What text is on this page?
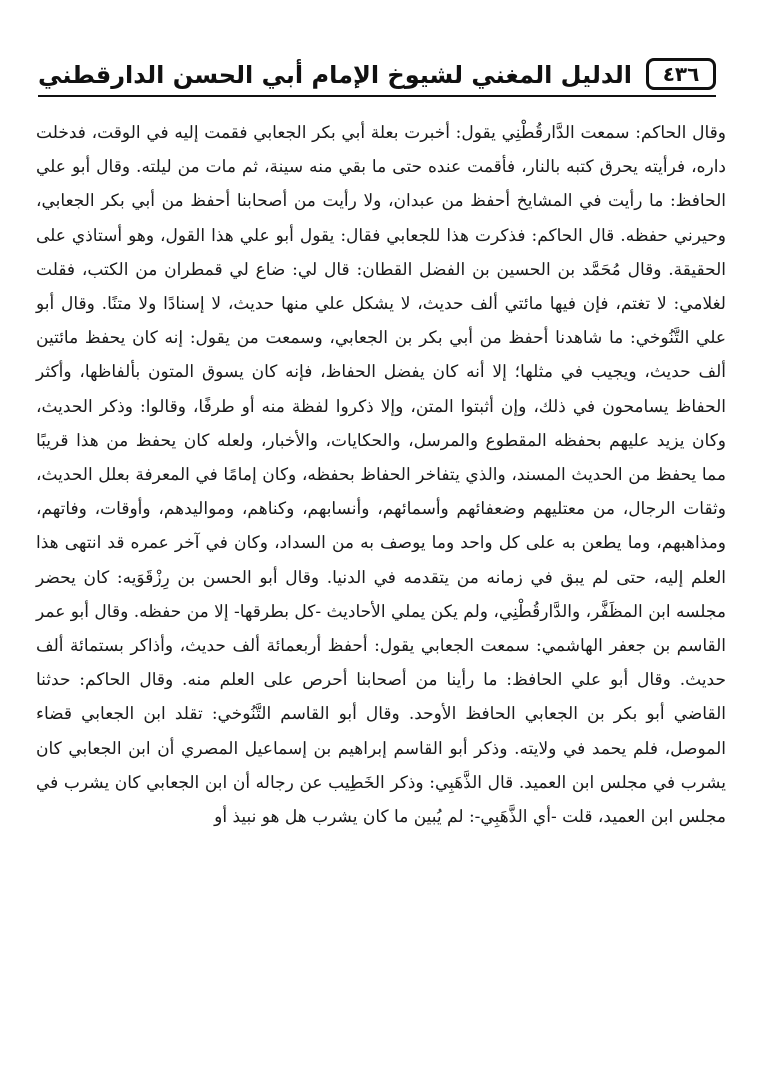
٤٣٦
الدليل المغني لشيوخ الإمام أبي الحسن الدارقطني

وقال الحاكم: سمعت الدَّارقُطْنِي يقول: أخبرت بعلة أبي بكر الجعابي فقمت إليه في الوقت، فدخلت داره، فرأيته يحرق كتبه بالنار، فأقمت عنده حتى ما بقي منه سينة، ثم مات من ليلته. وقال أبو علي الحافظ: ما رأيت في المشايخ أحفظ من عبدان، ولا رأيت من أصحابنا أحفظ من أبي بكر الجعابي، وحيرني حفظه. قال الحاكم: فذكرت هذا للجعابي فقال: يقول أبو علي هذا القول، وهو أستاذي على الحقيقة. وقال مُحَمَّد بن الحسين بن الفضل القطان: قال لي: ضاع لي قمطران من الكتب، فقلت لغلامي: لا تغتم، فإن فيها مائتي ألف حديث، لا يشكل علي منها حديث، لا إسنادًا ولا متنًا. وقال أبو علي التَّنُوخي: ما شاهدنا أحفظ من أبي بكر بن الجعابي، وسمعت من يقول: إنه كان يحفظ مائتين ألف حديث، ويجيب في مثلها؛ إلا أنه كان يفضل الحفاظ، فإنه كان يسوق المتون بألفاظها، وأكثر الحفاظ يسامحون في ذلك، وإن أثبتوا المتن، وإلا ذكروا لفظة منه أو طرفًا، وقالوا: وذكر الحديث، وكان يزيد عليهم بحفظه المقطوع والمرسل، والحكايات، والأخبار، ولعله كان يحفظ من هذا قريبًا مما يحفظ من الحديث المسند، والذي يتفاخر الحفاظ بحفظه، وكان إمامًا في المعرفة بعلل الحديث، وثقات الرجال، من معتليهم وضعفائهم وأسمائهم، وأنسابهم، وكناهم، ومواليدهم، وأوقات، وفاتهم، ومذاهبهم، وما يطعن به على كل واحد وما يوصف به من السداد، وكان في آخر عمره قد انتهى هذا العلم إليه، حتى لم يبق في زمانه من يتقدمه في الدنيا. وقال أبو الحسن بن رِزْقَوَيه: كان يحضر مجلسه ابن المظَفَّر، والدَّارقُطْنِي، ولم يكن يملي الأحاديث -كل بطرقها- إلا من حفظه. وقال أبو عمر القاسم بن جعفر الهاشمي: سمعت الجعابي يقول: أحفظ أربعمائة ألف حديث، وأذاكر بستمائة ألف حديث. وقال أبو علي الحافظ: ما رأينا من أصحابنا أحرص على العلم منه. وقال الحاكم: حدثنا القاضي أبو بكر بن الجعابي الحافظ الأوحد. وقال أبو القاسم التَّنُوخي: تقلد ابن الجعابي قضاء الموصل، فلم يحمد في ولايته. وذكر أبو القاسم إبراهيم بن إسماعيل المصري أن ابن الجعابي كان يشرب في مجلس ابن العميد. قال الذَّهَبِي: وذكر الخَطِيب عن رجاله أن ابن الجعابي كان يشرب في مجلس ابن العميد، قلت -أي الذَّهَبِي-: لم يُبين ما كان يشرب هل هو نبيذ أو
